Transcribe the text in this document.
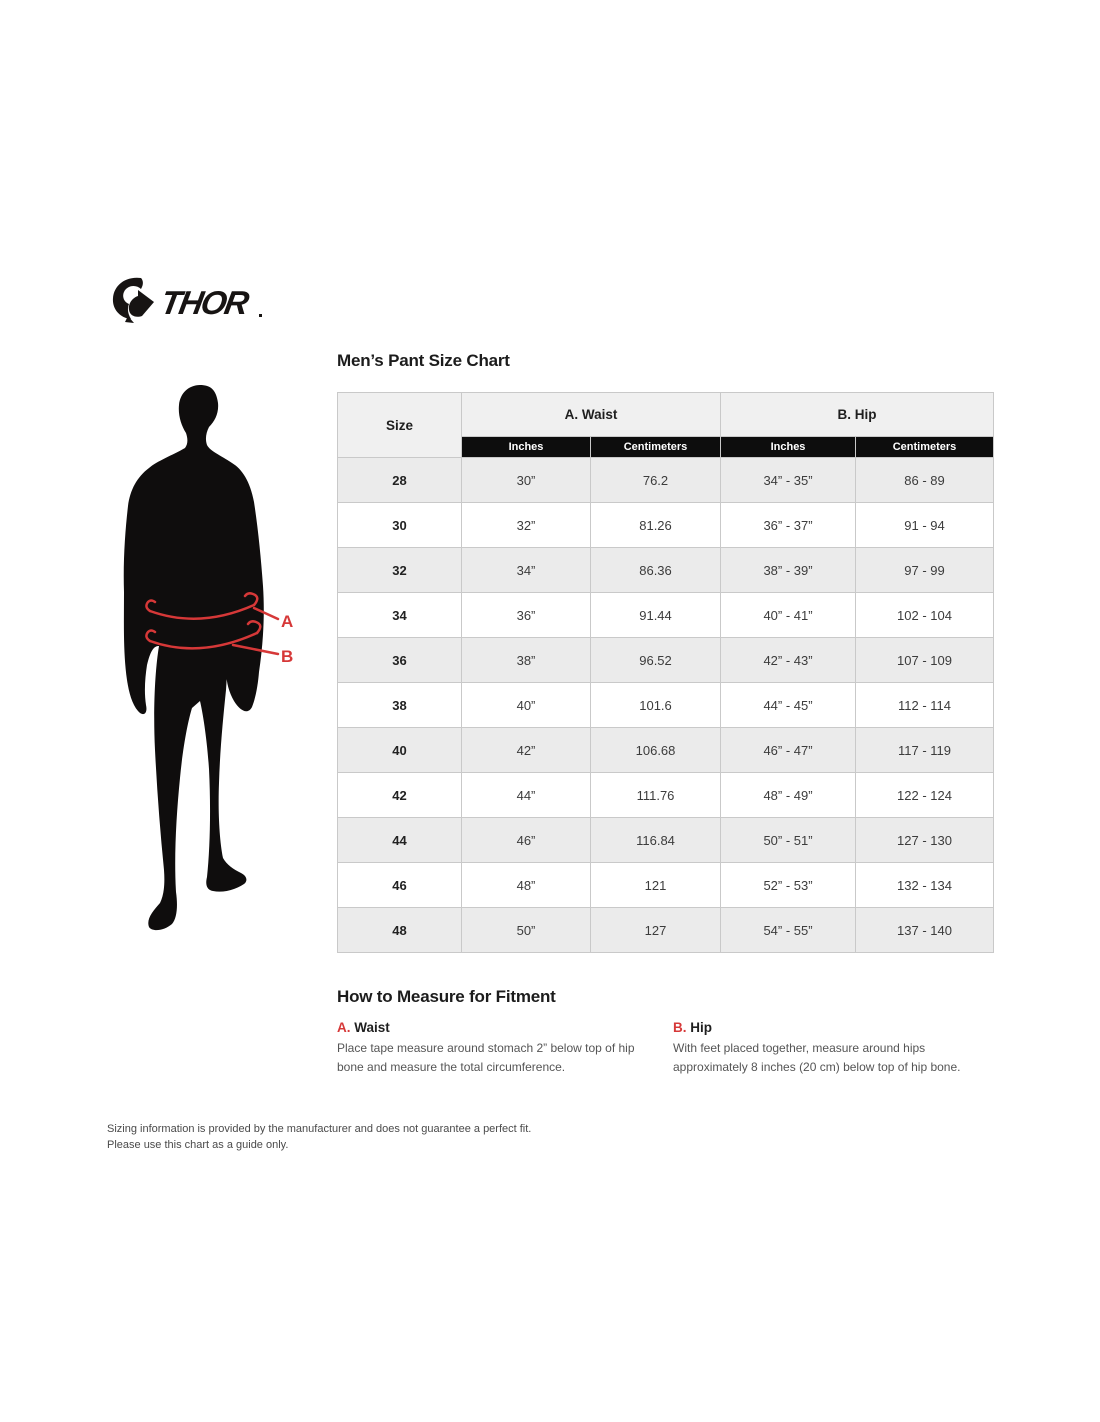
THOR
A
B
Men’s Pant Size Chart
Size	A. Waist		B. Hip	
	Inches	Centimeters	Inches	Centimeters
28	30”	76.2	34” - 35”	86 - 89
30	32”	81.26	36” - 37”	91 - 94
32	34”	86.36	38” - 39”	97 - 99
34	36”	91.44	40” - 41”	102 - 104
36	38”	96.52	42” - 43”	107 - 109
38	40”	101.6	44” - 45”	112 - 114
40	42”	106.68	46” - 47”	117 - 119
42	44”	111.76	48” - 49”	122 - 124
44	46”	116.84	50” - 51”	127 - 130
46	48”	121	52” - 53”	132 - 134
48	50”	127	54” - 55”	137 - 140
How to Measure for Fitment
A. Waist
Place tape measure around stomach 2” below top of hip bone and measure the total circumference.
B. Hip
With feet placed together, measure around hips approximately 8 inches (20 cm) below top of hip bone.
Sizing information is provided by the manufacturer and does not guarantee a perfect fit.
Please use this chart as a guide only.
